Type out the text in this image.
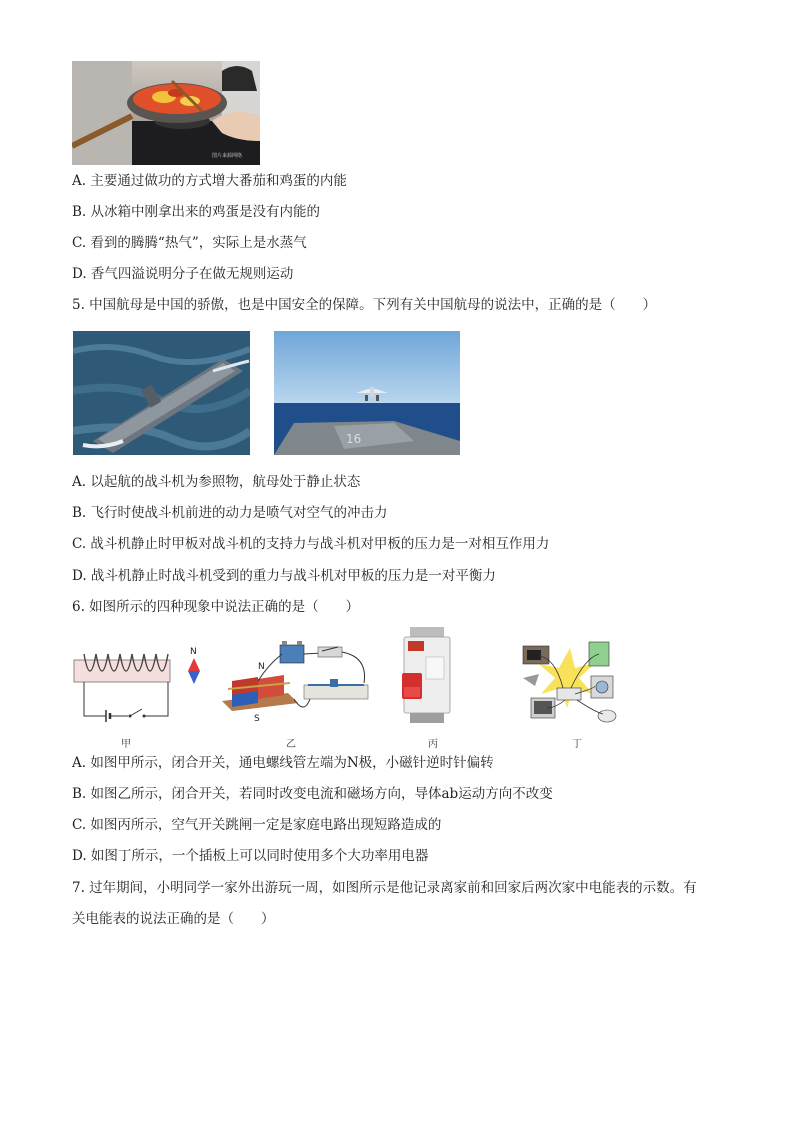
图片来源网络
A. 主要通过做功的方式增大番茄和鸡蛋的内能
B. 从冰箱中刚拿出来的鸡蛋是没有内能的
C. 看到的腾腾“热气”，实际上是水蒸气
D. 香气四溢说明分子在做无规则运动
5. 中国航母是中国的骄傲，也是中国安全的保障。下列有关中国航母的说法中，正确的是（　　）
16
A. 以起航的战斗机为参照物，航母处于静止状态
B. 飞行时使战斗机前进的动力是喷气对空气的冲击力
C. 战斗机静止时甲板对战斗机的支持力与战斗机对甲板的压力是一对相互作用力
D. 战斗机静止时战斗机受到的重力与战斗机对甲板的压力是一对平衡力
6. 如图所示的四种现象中说法正确的是（　　）
N
N
S
甲	乙	丙	丁
A. 如图甲所示，闭合开关，通电螺线管左端为N极，小磁针逆时针偏转
B. 如图乙所示，闭合开关，若同时改变电流和磁场方向，导体ab运动方向不改变
C. 如图丙所示，空气开关跳闸一定是家庭电路出现短路造成的
D. 如图丁所示，一个插板上可以同时使用多个大功率用电器
7. 过年期间，小明同学一家外出游玩一周，如图所示是他记录离家前和回家后两次家中电能表的示数。有
关电能表的说法正确的是（　　）
